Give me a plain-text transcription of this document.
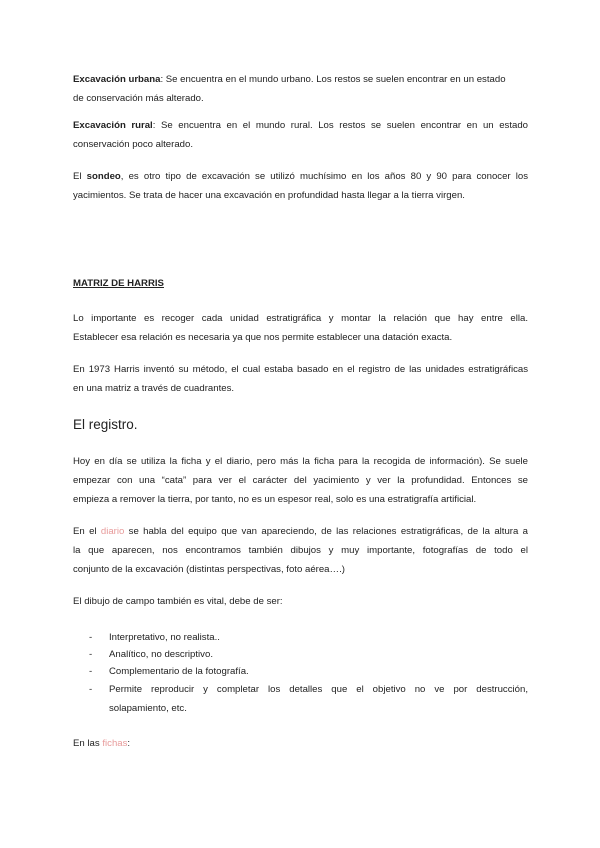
Excavación urbana: Se encuentra en el mundo urbano. Los restos se suelen encontrar en un estado
de conservación más alterado.
Excavación rural: Se encuentra en el mundo rural. Los restos se suelen encontrar en un estado
conservación poco alterado.
El sondeo, es otro tipo de excavación se utilizó muchísimo en los años 80 y 90 para conocer los
yacimientos. Se trata de hacer una excavación en profundidad hasta llegar a la tierra virgen.
MATRIZ DE HARRIS
Lo importante es recoger cada unidad estratigráfica y montar la relación que hay entre ella.
Establecer esa relación es necesaria ya que nos permite establecer una datación exacta.
En 1973 Harris inventó su método, el cual estaba basado en el registro de las unidades estratigráficas
en una matriz a través de cuadrantes.
El registro.
Hoy en día se utiliza la ficha y el diario, pero más la ficha para la recogida de información). Se suele
empezar con una “cata” para ver el carácter del yacimiento y ver la profundidad. Entonces se
empieza a remover la tierra, por tanto, no es un espesor real, solo es una estratigrafía artificial.
En el diario se habla del equipo que van apareciendo, de las relaciones estratigráficas, de la altura a
la que aparecen, nos encontramos también dibujos y muy importante, fotografías de todo el
conjunto de la excavación (distintas perspectivas, foto aérea….)
El dibujo de campo también es vital, debe de ser:
- Interpretativo, no realista..
- Analítico, no descriptivo.
- Complementario de la fotografía.
- Permite reproducir y completar los detalles que el objetivo no ve por destrucción,
solapamiento, etc.
En las fichas:
